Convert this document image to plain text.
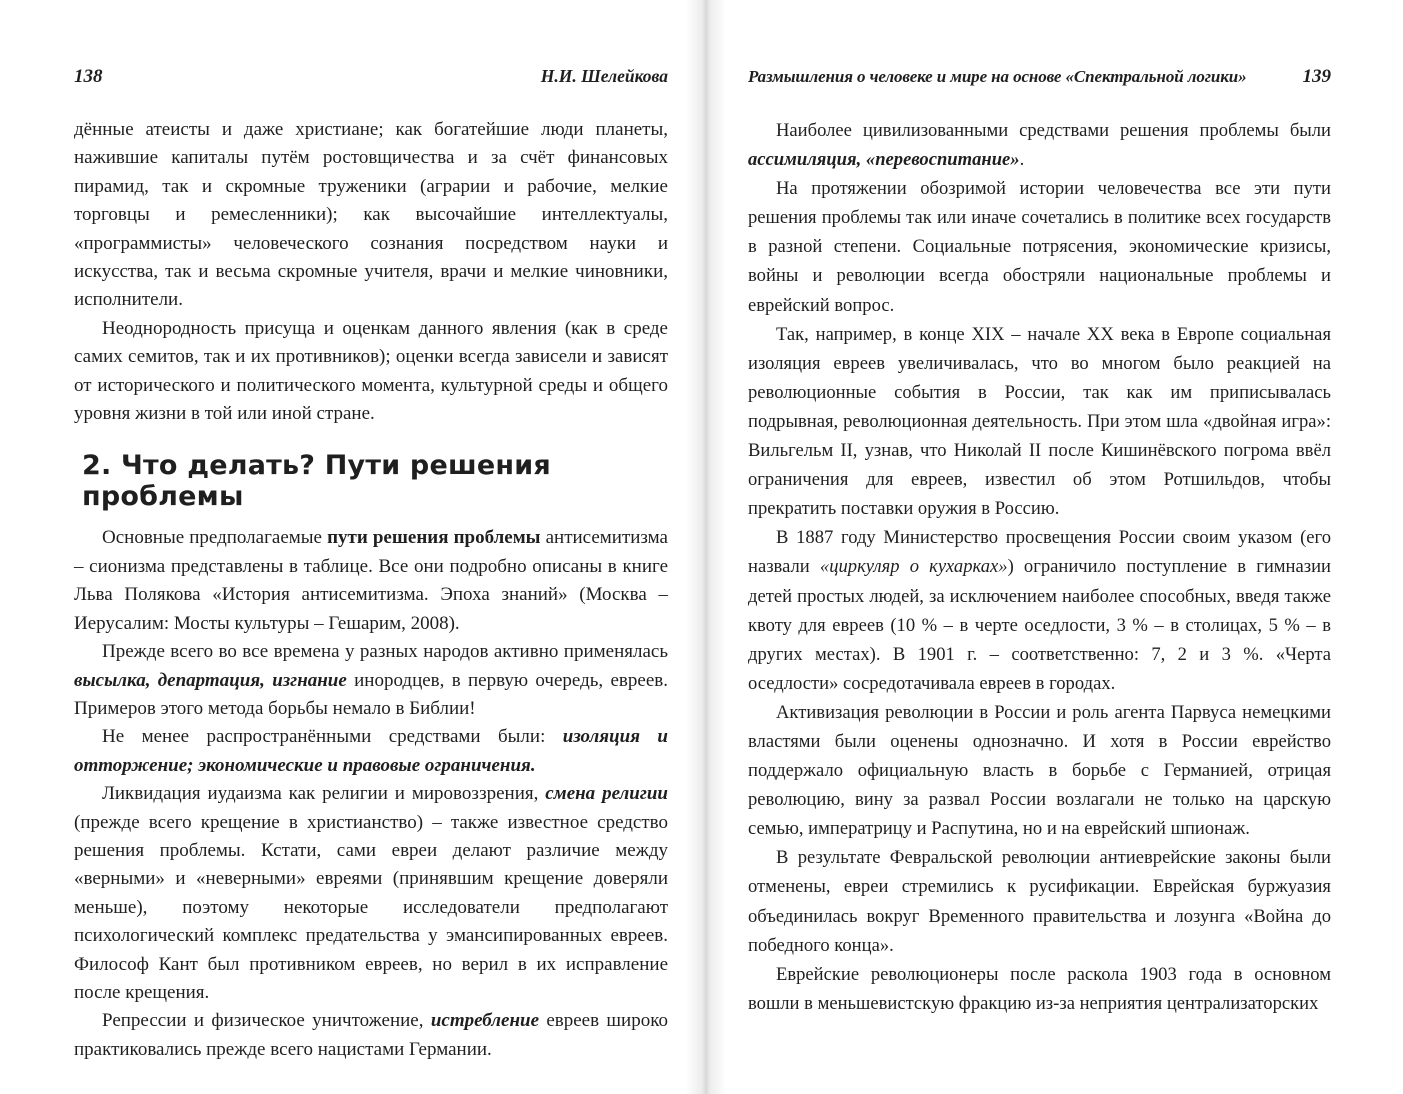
138	Н.И. Шелейкова

дённые атеисты и даже христиане; как богатейшие люди планеты, нажившие капиталы путём ростовщичества и за счёт финансовых пирамид, так и скромные труженики (аграрии и рабочие, мелкие торговцы и ремесленники); как высочайшие интеллектуалы, «программисты» человеческого сознания посредством науки и искусства, так и весьма скромные учителя, врачи и мелкие чиновники, исполнители.

Неоднородность присуща и оценкам данного явления (как в среде самих семитов, так и их противников); оценки всегда зависели и зависят от исторического и политического момента, культурной среды и общего уровня жизни в той или иной стране.

2. Что делать? Пути решения проблемы

Основные предполагаемые пути решения проблемы антисемитизма – сионизма представлены в таблице. Все они подробно описаны в книге Льва Полякова «История антисемитизма. Эпоха знаний» (Москва – Иерусалим: Мосты культуры – Гешарим, 2008).

Прежде всего во все времена у разных народов активно применялась высылка, департация, изгнание инородцев, в первую очередь, евреев. Примеров этого метода борьбы немало в Библии!

Не менее распространёнными средствами были: изоляция и отторжение; экономические и правовые ограничения.

Ликвидация иудаизма как религии и мировоззрения, смена религии (прежде всего крещение в христианство) – также известное средство решения проблемы. Кстати, сами евреи делают различие между «верными» и «неверными» евреями (принявшим крещение доверяли меньше), поэтому некоторые исследователи предполагают психологический комплекс предательства у эмансипированных евреев. Философ Кант был противником евреев, но верил в их исправление после крещения.

Репрессии и физическое уничтожение, истребление евреев широко практиковались прежде всего нацистами Германии.

Размышления о человеке и мире на основе «Спектральной логики»	139

Наиболее цивилизованными средствами решения проблемы были ассимиляция, «перевоспитание».

На протяжении обозримой истории человечества все эти пути решения проблемы так или иначе сочетались в политике всех государств в разной степени. Социальные потрясения, экономические кризисы, войны и революции всегда обостряли национальные проблемы и еврейский вопрос.

Так, например, в конце XIX – начале XX века в Европе социальная изоляция евреев увеличивалась, что во многом было реакцией на революционные события в России, так как им приписывалась подрывная, революционная деятельность. При этом шла «двойная игра»: Вильгельм II, узнав, что Николай II после Кишинёвского погрома ввёл ограничения для евреев, известил об этом Ротшильдов, чтобы прекратить поставки оружия в Россию.

В 1887 году Министерство просвещения России своим указом (его назвали «циркуляр о кухарках») ограничило поступление в гимназии детей простых людей, за исключением наиболее способных, введя также квоту для евреев (10 % – в черте оседлости, 3 % – в столицах, 5 % – в других местах). В 1901 г. – соответственно: 7, 2 и 3 %. «Черта оседлости» сосредотачивала евреев в городах.

Активизация революции в России и роль агента Парвуса немецкими властями были оценены однозначно. И хотя в России еврейство поддержало официальную власть в борьбе с Германией, отрицая революцию, вину за развал России возлагали не только на царскую семью, императрицу и Распутина, но и на еврейский шпионаж.

В результате Февральской революции антиеврейские законы были отменены, евреи стремились к русификации. Еврейская буржуазия объединилась вокруг Временного правительства и лозунга «Война до победного конца».

Еврейские революционеры после раскола 1903 года в основном вошли в меньшевистскую фракцию из-за неприятия централизаторских
